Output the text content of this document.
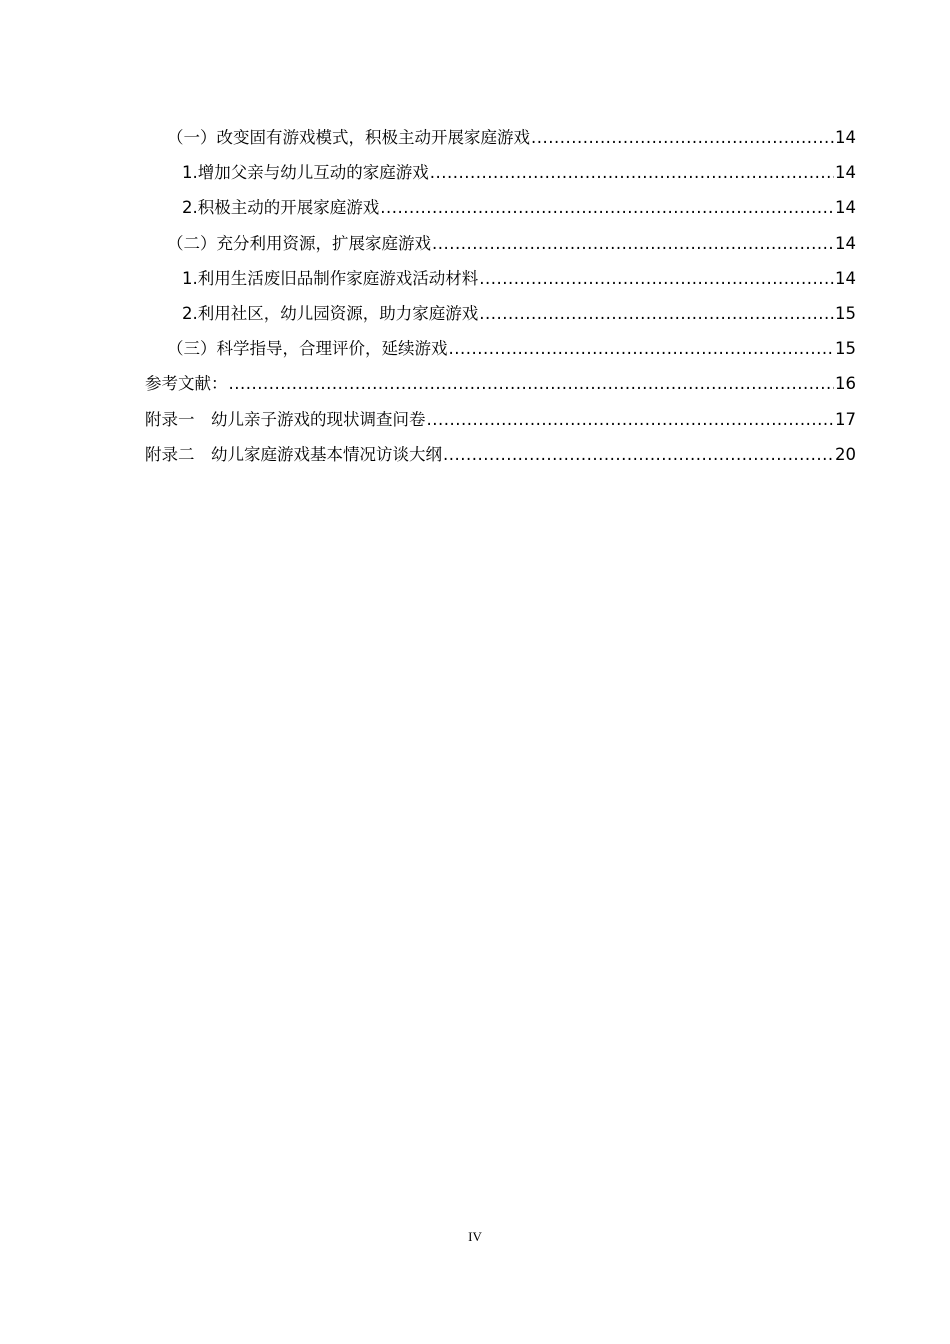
（一）改变固有游戏模式，积极主动开展家庭游戏 .....	14
1.增加父亲与幼儿互动的家庭游戏 .....	14
2.积极主动的开展家庭游戏 .....	14
（二）充分利用资源，扩展家庭游戏 .....	14
1.利用生活废旧品制作家庭游戏活动材料 .....	14
2.利用社区，幼儿园资源，助力家庭游戏 .....	15
（三）科学指导，合理评价，延续游戏 .....	15
参考文献： .....	16
附录一　幼儿亲子游戏的现状调查问卷 .....	17
附录二　幼儿家庭游戏基本情况访谈大纲 .....	20
IV
